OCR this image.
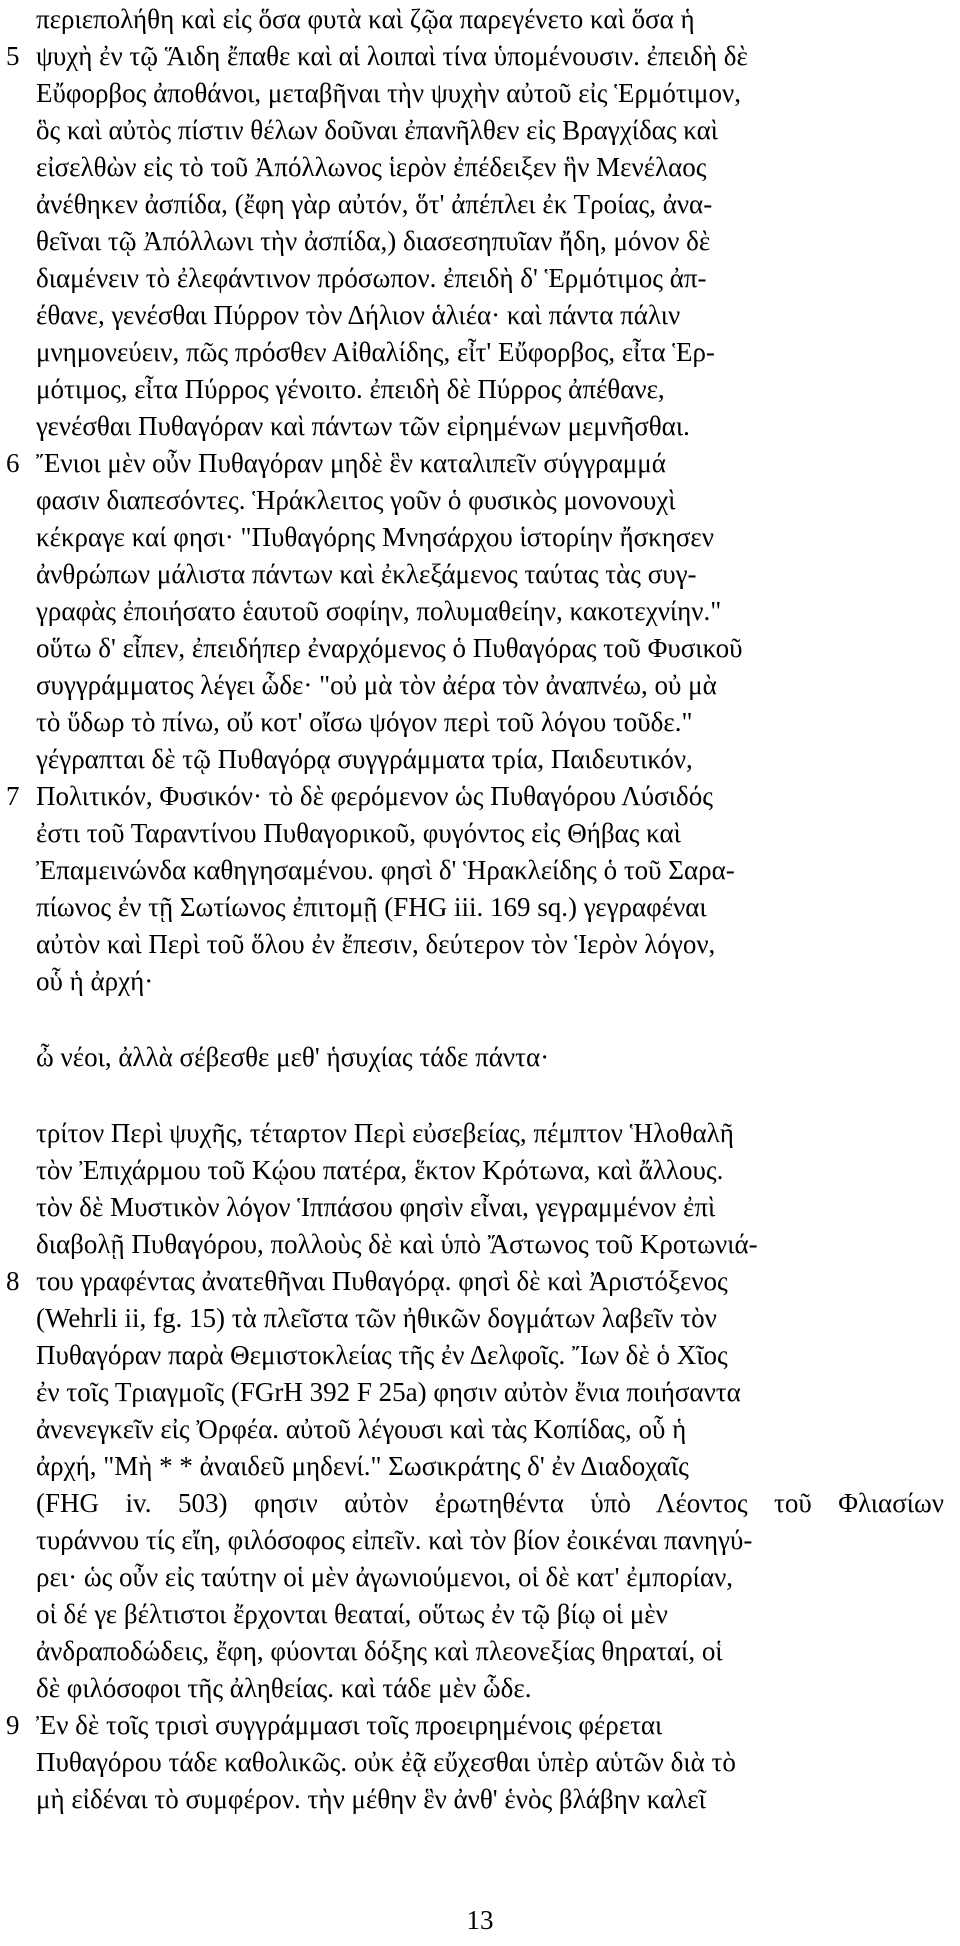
περιεπολήθη καὶ εἰς ὅσα φυτὰ καὶ ζῷα παρεγένετο καὶ ὅσα ἡ
5 ψυχὴ ἐν τῷ Ἅιδη ἔπαθε καὶ αἱ λοιπαὶ τίνα ὑπομένουσιν. ἐπειδὴ δὲ
Εὔφορβος ἀποθάνοι, μεταβῆναι τὴν ψυχὴν αὐτοῦ εἰς Ἑρμότιμον,
ὃς καὶ αὐτὸς πίστιν θέλων δοῦναι ἐπανῆλθεν εἰς Βραγχίδας καὶ
εἰσελθὼν εἰς τὸ τοῦ Ἀπόλλωνος ἱερὸν ἐπέδειξεν ἣν Μενέλαος
ἀνέθηκεν ἀσπίδα, (ἔφη γὰρ αὐτόν, ὅτ' ἀπέπλει ἐκ Τροίας, ἀνα-
θεῖναι τῷ Ἀπόλλωνι τὴν ἀσπίδα,) διασεσηπυῖαν ἤδη, μόνον δὲ
διαμένειν τὸ ἐλεφάντινον πρόσωπον. ἐπειδὴ δ' Ἑρμότιμος ἀπ-
έθανε, γενέσθαι Πύρρον τὸν Δήλιον ἁλιέα· καὶ πάντα πάλιν
μνημονεύειν, πῶς πρόσθεν Αἰθαλίδης, εἶτ' Εὔφορβος, εἶτα Ἑρ-
μότιμος, εἶτα Πύρρος γένοιτο. ἐπειδὴ δὲ Πύρρος ἀπέθανε,
γενέσθαι Πυθαγόραν καὶ πάντων τῶν εἰρημένων μεμνῆσθαι.
6 Ἔνιοι μὲν οὖν Πυθαγόραν μηδὲ ἓν καταλιπεῖν σύγγραμμά
φασιν διαπεσόντες. Ἡράκλειτος γοῦν ὁ φυσικὸς μονονουχὶ
κέκραγε καί φησι· "Πυθαγόρης Μνησάρχου ἱστορίην ἤσκησεν
ἀνθρώπων μάλιστα πάντων καὶ ἐκλεξάμενος ταύτας τὰς συγ-
γραφὰς ἐποιήσατο ἑαυτοῦ σοφίην, πολυμαθείην, κακοτεχνίην."
οὕτω δ' εἶπεν, ἐπειδήπερ ἐναρχόμενος ὁ Πυθαγόρας τοῦ Φυσικοῦ
συγγράμματος λέγει ὧδε· "οὐ μὰ τὸν ἀέρα τὸν ἀναπνέω, οὐ μὰ
τὸ ὕδωρ τὸ πίνω, οὔ κοτ' οἴσω ψόγον περὶ τοῦ λόγου τοῦδε."
γέγραπται δὲ τῷ Πυθαγόρᾳ συγγράμματα τρία, Παιδευτικόν,
7 Πολιτικόν, Φυσικόν· τὸ δὲ φερόμενον ὡς Πυθαγόρου Λύσιδός
ἐστι τοῦ Ταραντίνου Πυθαγορικοῦ, φυγόντος εἰς Θήβας καὶ
Ἐπαμεινώνδα καθηγησαμένου. φησὶ δ' Ἡρακλείδης ὁ τοῦ Σαρα-
πίωνος ἐν τῇ Σωτίωνος ἐπιτομῇ (FHG iii. 169 sq.) γεγραφέναι
αὐτὸν καὶ Περὶ τοῦ ὅλου ἐν ἔπεσιν, δεύτερον τὸν Ἱερὸν λόγον,
οὗ ἡ ἀρχή·
ὦ νέοι, ἀλλὰ σέβεσθε μεθ' ἡσυχίας τάδε πάντα·
τρίτον Περὶ ψυχῆς, τέταρτον Περὶ εὐσεβείας, πέμπτον Ἡλοθαλῆ
τὸν Ἐπιχάρμου τοῦ Κῴου πατέρα, ἕκτον Κρότωνα, καὶ ἄλλους.
τὸν δὲ Μυστικὸν λόγον Ἱππάσου φησὶν εἶναι, γεγραμμένον ἐπὶ
διαβολῇ Πυθαγόρου, πολλοὺς δὲ καὶ ὑπὸ Ἄστωνος τοῦ Κροτωνιά-
8 του γραφέντας ἀνατεθῆναι Πυθαγόρᾳ. φησὶ δὲ καὶ Ἀριστόξενος
(Wehrli ii, fg. 15) τὰ πλεῖστα τῶν ἠθικῶν δογμάτων λαβεῖν τὸν
Πυθαγόραν παρὰ Θεμιστοκλείας τῆς ἐν Δελφοῖς. Ἴων δὲ ὁ Χῖος
ἐν τοῖς Τριαγμοῖς (FGrH 392 F 25a) φησιν αὐτὸν ἔνια ποιήσαντα
ἀνενεγκεῖν εἰς Ὀρφέα. αὐτοῦ λέγουσι καὶ τὰς Κοπίδας, οὗ ἡ
ἀρχή, "Μὴ * * ἀναιδεῦ μηδενί." Σωσικράτης δ' ἐν Διαδοχαῖς
(FHG iv. 503) φησιν αὐτὸν ἐρωτηθέντα ὑπὸ Λέοντος τοῦ Φλιασίων
τυράννου τίς εἴη, φιλόσοφος εἰπεῖν. καὶ τὸν βίον ἐοικέναι πανηγύ-
ρει· ὡς οὖν εἰς ταύτην οἱ μὲν ἀγωνιούμενοι, οἱ δὲ κατ' ἐμπορίαν,
οἱ δέ γε βέλτιστοι ἔρχονται θεαταί, οὕτως ἐν τῷ βίῳ οἱ μὲν
ἀνδραποδώδεις, ἔφη, φύονται δόξης καὶ πλεονεξίας θηραταί, οἱ
δὲ φιλόσοφοι τῆς ἀληθείας. καὶ τάδε μὲν ὧδε.
9 Ἐν δὲ τοῖς τρισὶ συγγράμμασι τοῖς προειρημένοις φέρεται
Πυθαγόρου τάδε καθολικῶς. οὐκ ἐᾷ εὔχεσθαι ὑπὲρ αὑτῶν διὰ τὸ
μὴ εἰδέναι τὸ συμφέρον. τὴν μέθην ἓν ἀνθ' ἑνὸς βλάβην καλεῖ
13
